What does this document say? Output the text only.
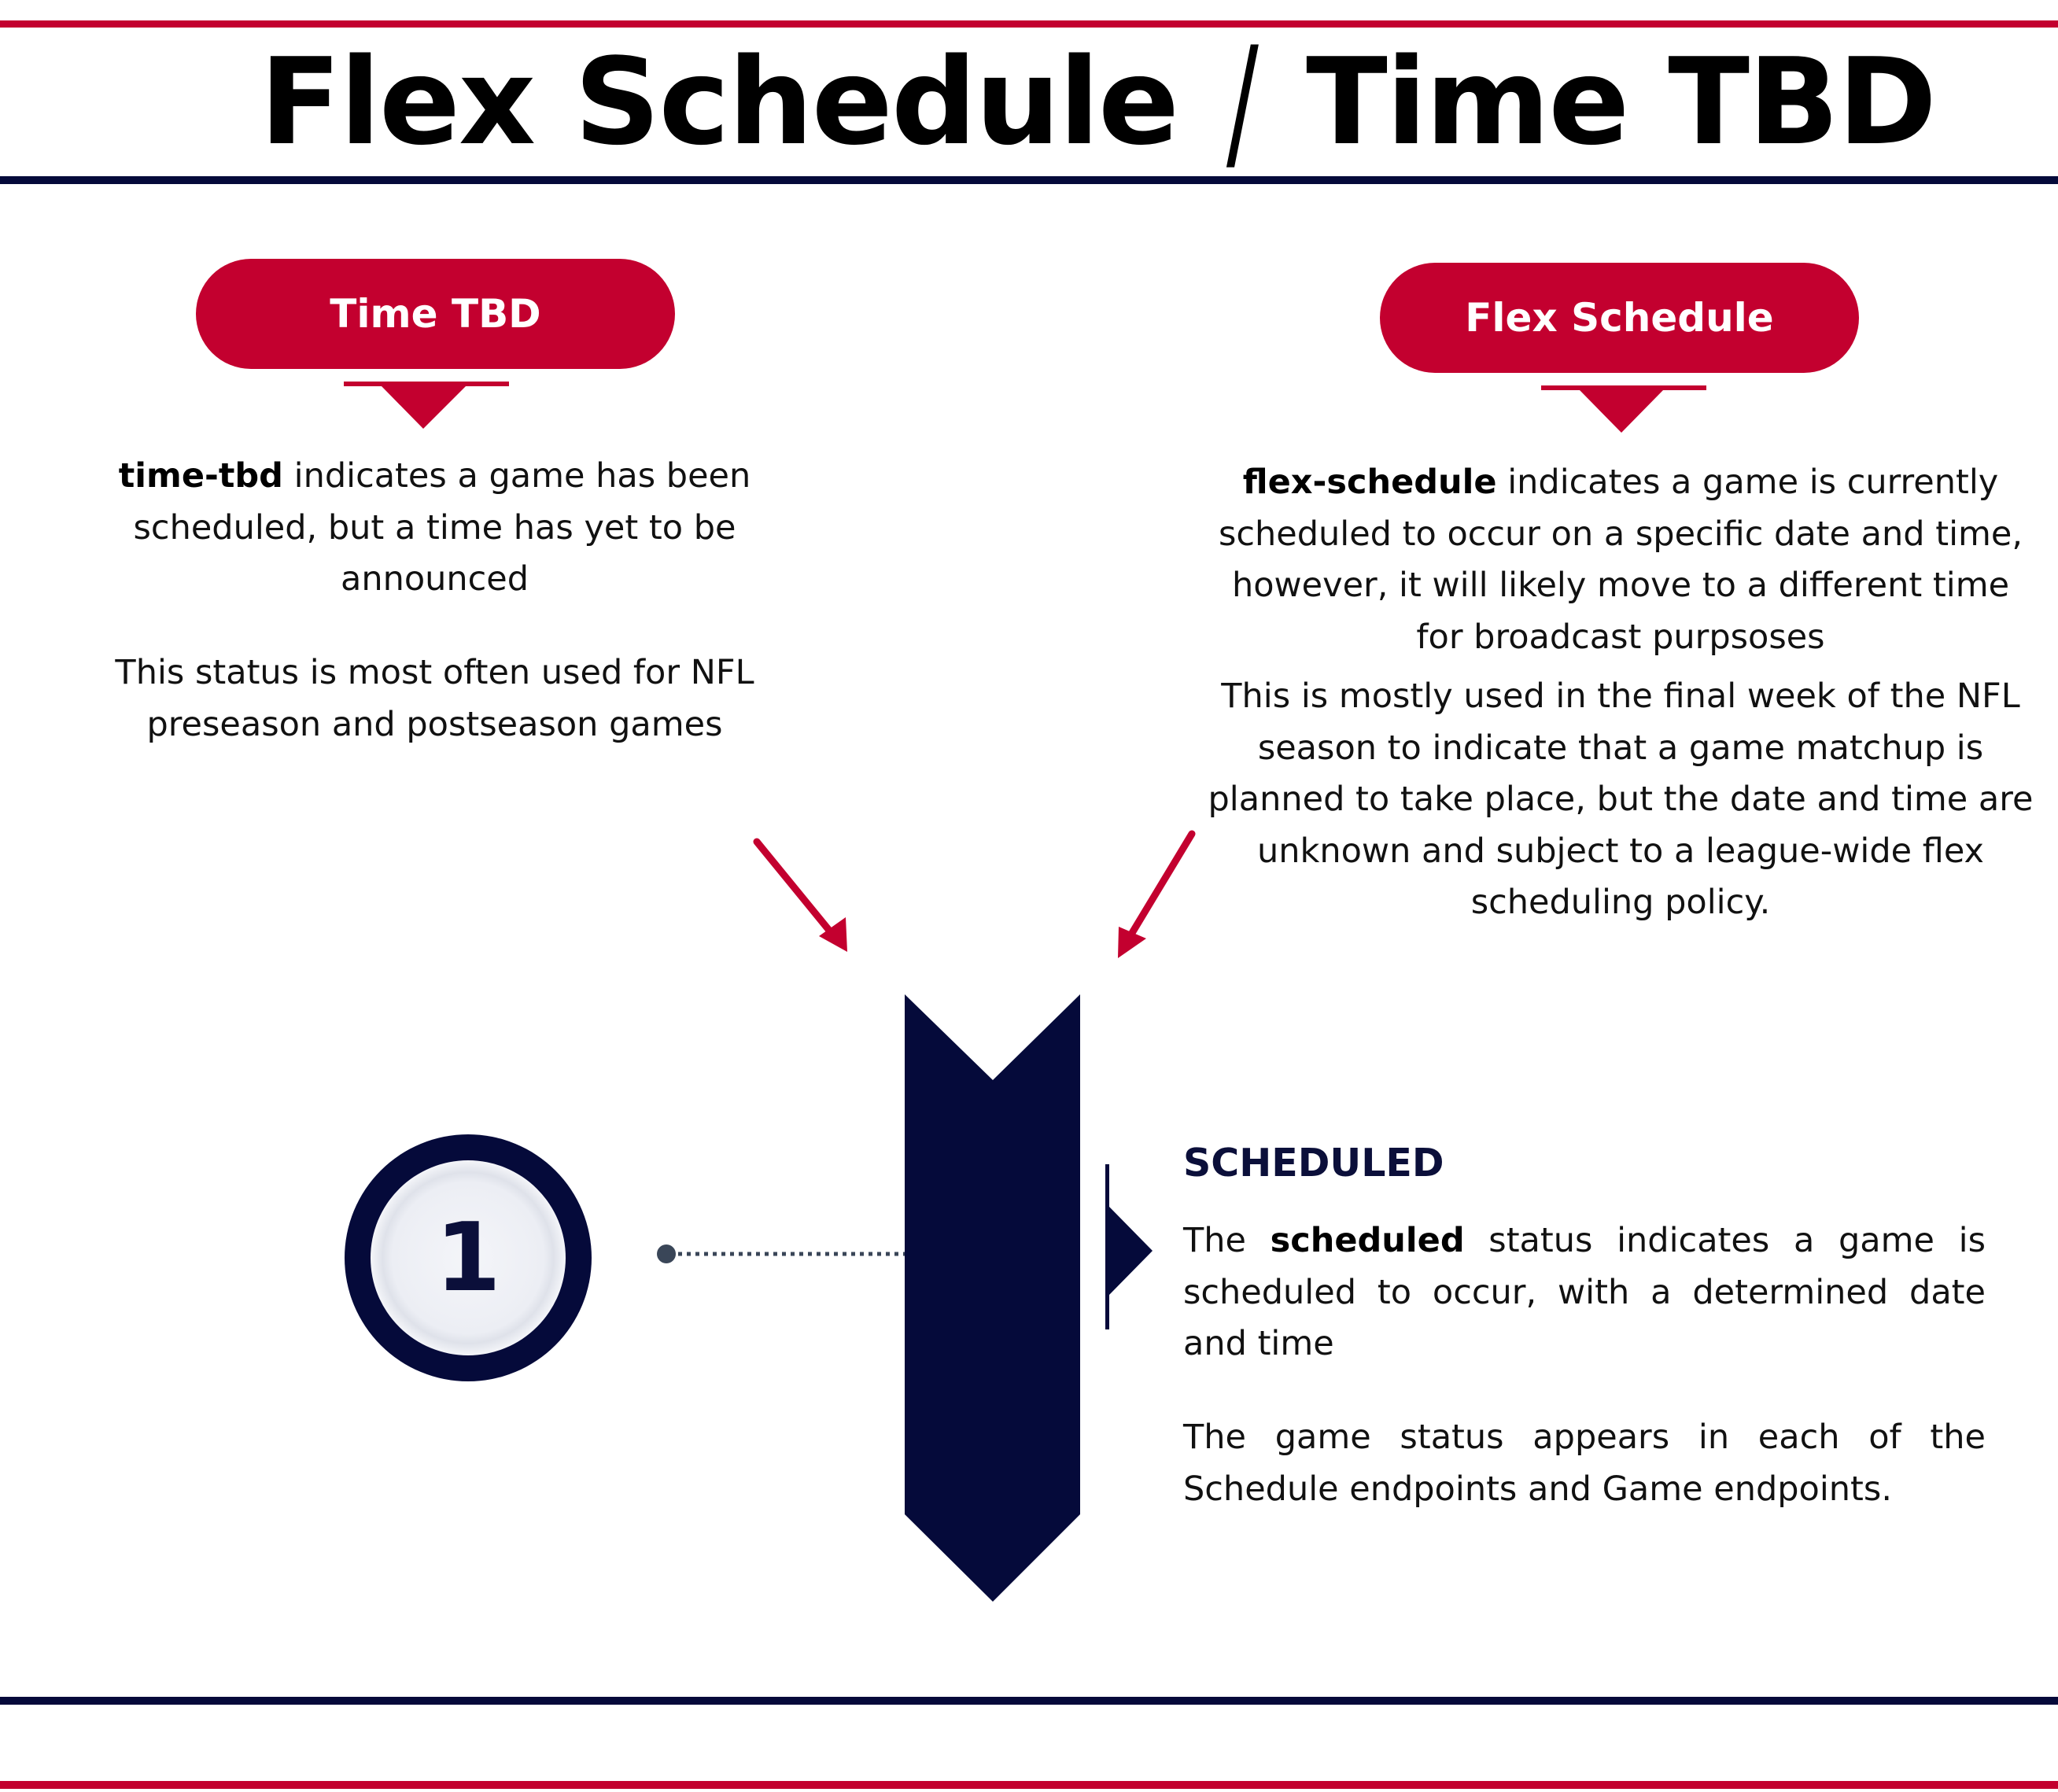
Flex Schedule / Time TBD
Time TBD	Flex Schedule
time-tbd indicates a game has been scheduled, but a time has yet to be announced
This status is most often used for NFL preseason and postseason games
flex-schedule indicates a game is currently scheduled to occur on a specific date and time, however, it will likely move to a different time for broadcast purpsoses
This is mostly used in the final week of the NFL season to indicate that a game matchup is planned to take place, but the date and time are unknown and subject to a league-wide flex scheduling policy.
1
SCHEDULED
The scheduled status indicates a game is scheduled to occur, with a determined date and time
The game status appears in each of the Schedule endpoints and Game endpoints.
